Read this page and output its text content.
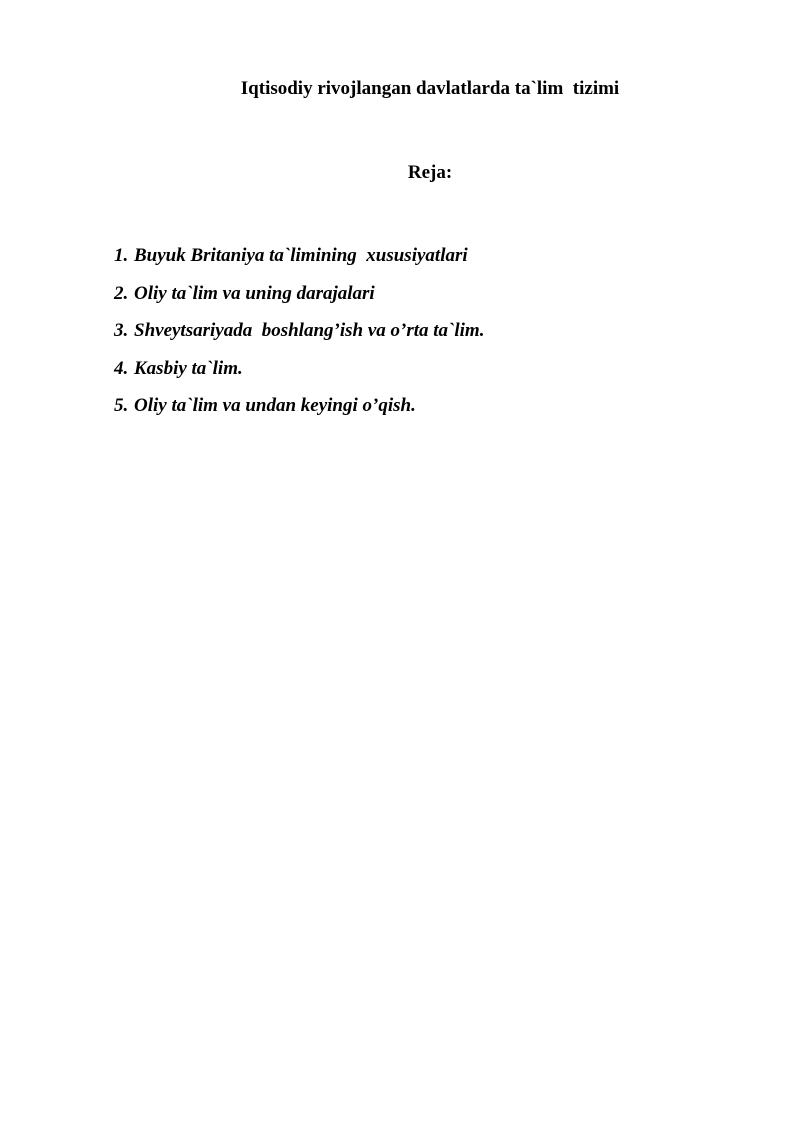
Iqtisodiy rivojlangan davlatlarda ta`lim  tizimi
Reja:
1. Buyuk Britaniya ta`limining  xususiyatlari
2. Oliy ta`lim va uning darajalari
3. Shveytsariyada  boshlang’ish va o’rta ta`lim.
4. Kasbiy ta`lim.
5. Oliy ta`lim va undan keyingi o’qish.
